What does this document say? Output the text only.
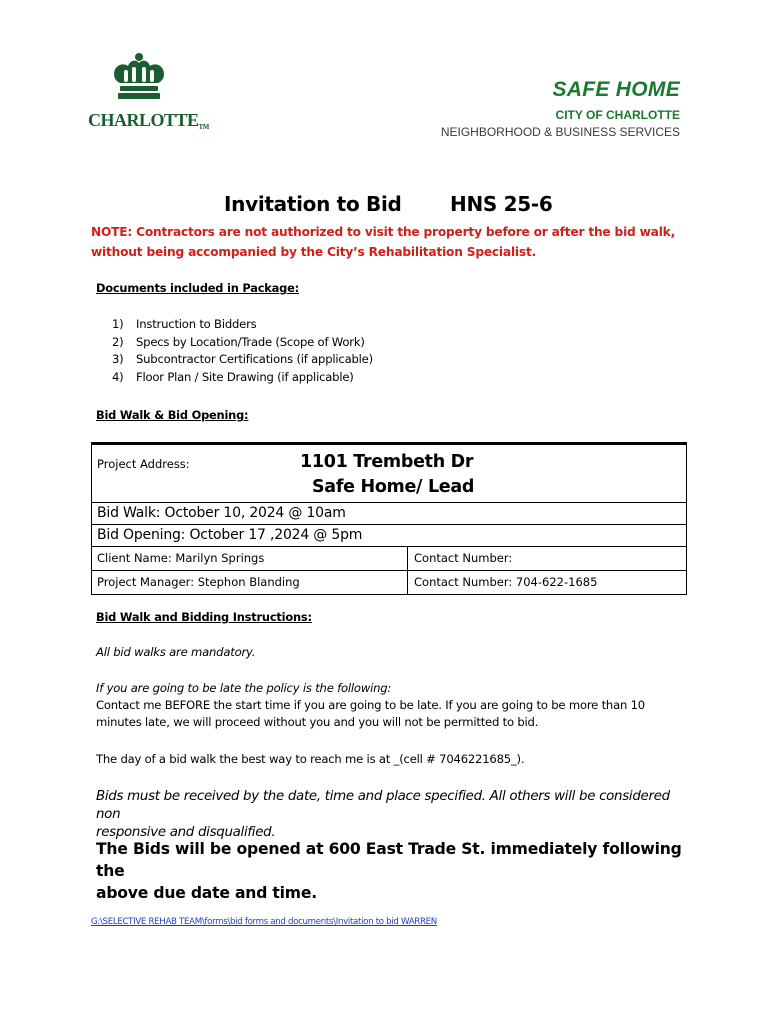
CHARLOTTETM
SAFE HOME
CITY OF CHARLOTTE
NEIGHBORHOOD & BUSINESS SERVICES
Invitation to Bid HNS 25-6
NOTE: Contractors are not authorized to visit the property before or after the bid walk,
without being accompanied by the City’s Rehabilitation Specialist.
Documents included in Package:
1)	Instruction to Bidders
2)	Specs by Location/Trade (Scope of Work)
3)	Subcontractor Certifications (if applicable)
4)	Floor Plan / Site Drawing (if applicable)
Bid Walk & Bid Opening:
Project Address:	1101 Trembeth Dr
Safe Home/ Lead
Bid Walk: October 10, 2024 @ 10am
Bid Opening: October 17 ,2024 @ 5pm
Client Name: Marilyn Springs	Contact Number:
Project Manager: Stephon Blanding	Contact Number: 704-622-1685
Bid Walk and Bidding Instructions:
All bid walks are mandatory.
If you are going to be late the policy is the following:
Contact me BEFORE the start time if you are going to be late. If you are going to be more than 10
minutes late, we will proceed without you and you will not be permitted to bid.
The day of a bid walk the best way to reach me is at _(cell # 7046221685_).
Bids must be received by the date, time and place specified. All others will be considered non
responsive and disqualified.
The Bids will be opened at 600 East Trade St. immediately following the
above due date and time.
G:\SELECTIVE REHAB TEAM\forms\bid forms and documents\Invitation to bid WARREN
